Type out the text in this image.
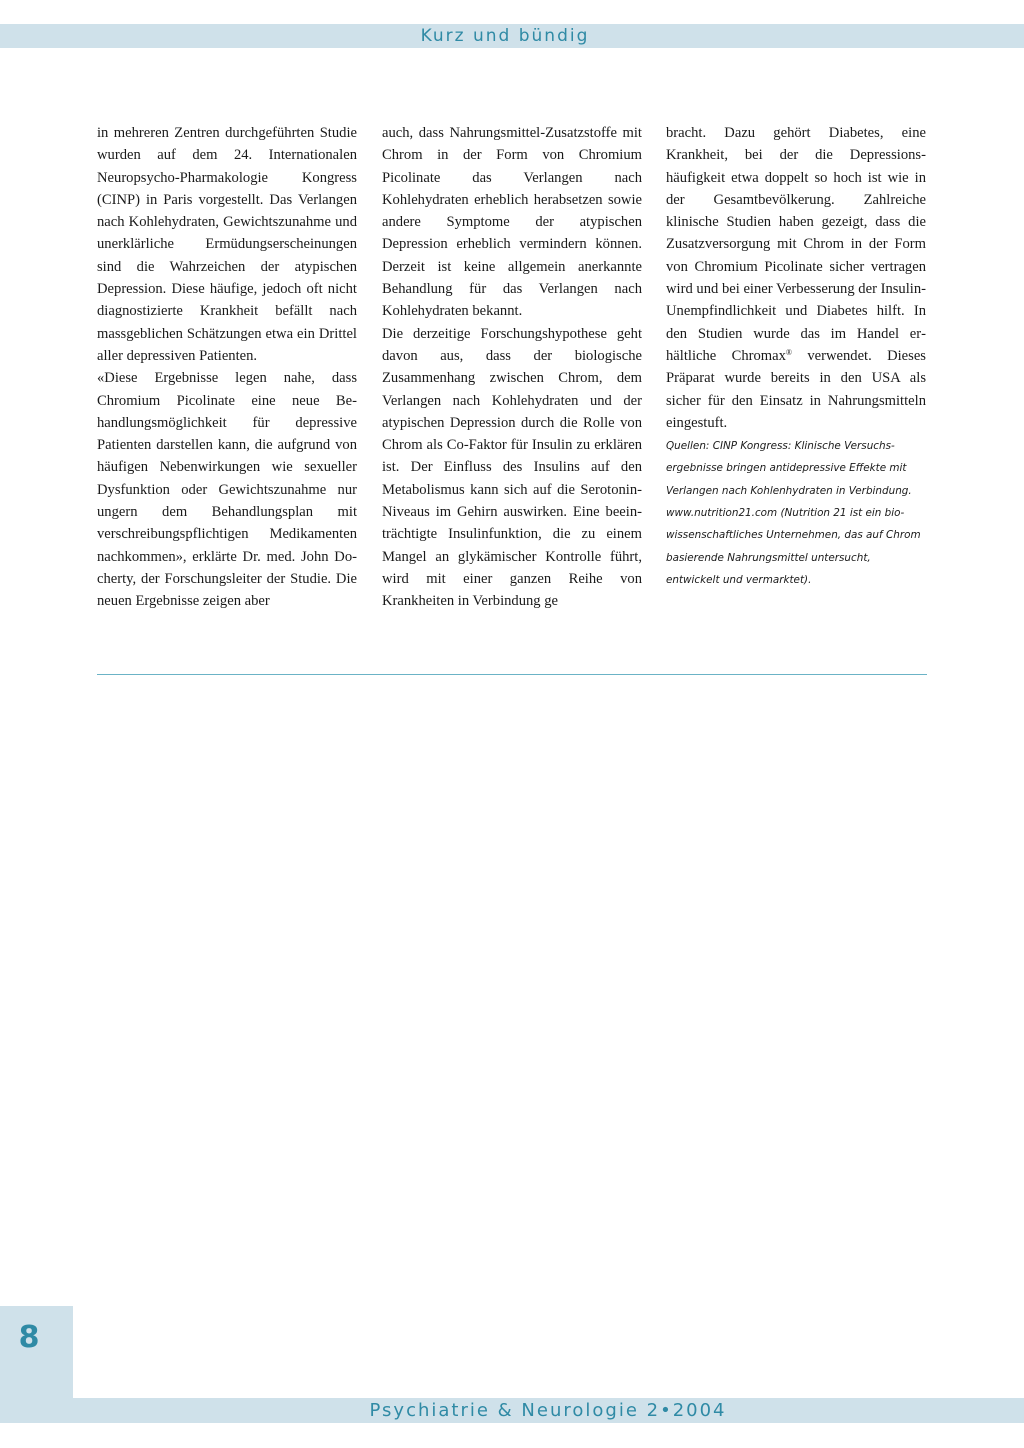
Kurz und bündig

in mehreren Zentren durchgeführten Studie wurden auf dem 24. Internationalen Neuropsycho-Pharmakologie Kongress (CINP) in Paris vorgestellt. Das Verlangen nach Kohlehydraten, Gewichtszunahme und unerklärliche Ermüdungserscheinungen sind die Wahrzeichen der atypischen Depression. Diese häufige, jedoch oft nicht diagnostizierte Krankheit befällt nach massgeblichen Schätzungen etwa ein Drittel aller depressiven Patienten.

«Diese Ergebnisse legen nahe, dass Chromium Picolinate eine neue Behandlungsmöglichkeit für depressive Patienten darstellen kann, die aufgrund von häufigen Nebenwirkungen wie sexueller Dysfunktion oder Gewichtszunahme nur ungern dem Behandlungsplan mit verschreibungspflichtigen Medikamenten nachkommen», erklärte Dr. med. John Docherty, der Forschungsleiter der Studie. Die neuen Ergebnisse zeigen aber

auch, dass Nahrungsmittel-Zusatzstoffe mit Chrom in der Form von Chromium Picolinate das Verlangen nach Kohlehydraten erheblich herabsetzen sowie andere Symptome der atypischen Depression erheblich vermindern können. Derzeit ist keine allgemein anerkannte Behandlung für das Verlangen nach Kohlehydraten bekannt.

Die derzeitige Forschungshypothese geht davon aus, dass der biologische Zusammenhang zwischen Chrom, dem Verlangen nach Kohlehydraten und der atypischen Depression durch die Rolle von Chrom als Co-Faktor für Insulin zu erklären ist. Der Einfluss des Insulins auf den Metabolismus kann sich auf die Serotonin-Niveaus im Gehirn auswirken. Eine beeinträchtigte Insulinfunktion, die zu einem Mangel an glykämischer Kontrolle führt, wird mit einer ganzen Reihe von Krankheiten in Verbindung ge

bracht. Dazu gehört Diabetes, eine Krankheit, bei der die Depressionshäufigkeit etwa doppelt so hoch ist wie in der Gesamtbevölkerung. Zahlreiche klinische Studien haben gezeigt, dass die Zusatzversorgung mit Chrom in der Form von Chromium Picolinate sicher vertragen wird und bei einer Verbesserung der Insulin-Unempfindlichkeit und Diabetes hilft. In den Studien wurde das im Handel erhältliche Chromax® verwendet. Dieses Präparat wurde bereits in den USA als sicher für den Einsatz in Nahrungsmitteln eingestuft.

Quellen: CINP Kongress: Klinische Versuchsergebnisse bringen antidepressive Effekte mit Verlangen nach Kohlenhydraten in Verbindung. www.nutrition21.com (Nutrition 21 ist ein biowissenschaftliches Unternehmen, das auf Chrom basierende Nahrungsmittel untersucht, entwickelt und vermarktet).

8
Psychiatrie & Neurologie 2•2004
